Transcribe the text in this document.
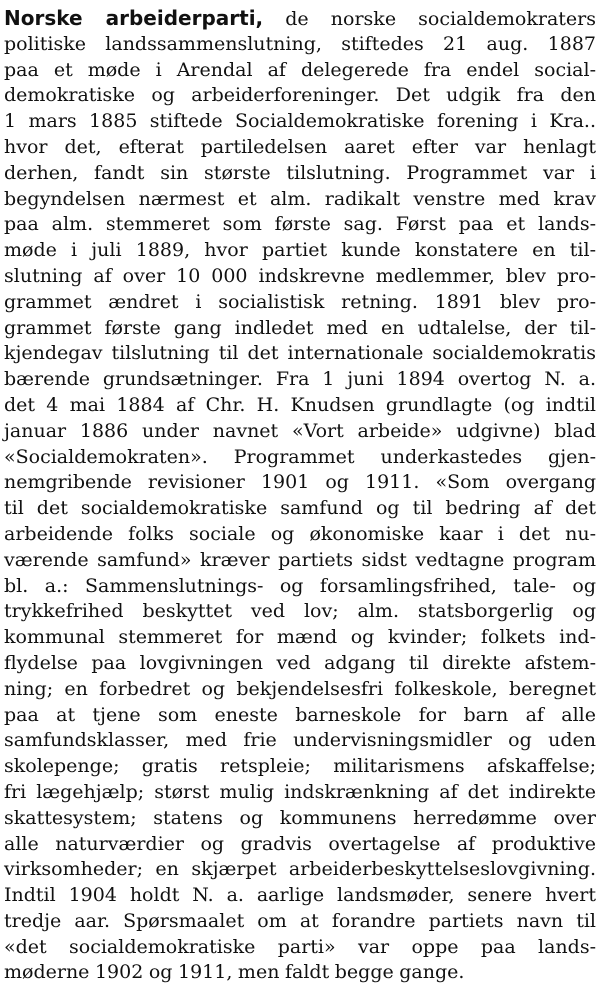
Norske arbeiderparti, de norske socialdemokraters
politiske landssammenslutning, stiftedes 21 aug. 1887
paa et møde i Arendal af delegerede fra endel social-
demokratiske og arbeiderforeninger. Det udgik fra den
1 mars 1885 stiftede Socialdemokratiske forening i Kra..
hvor det, efterat partiledelsen aaret efter var henlagt
derhen, fandt sin største tilslutning. Programmet var i
begyndelsen nærmest et alm. radikalt venstre med krav
paa alm. stemmeret som første sag. Først paa et lands-
møde i juli 1889, hvor partiet kunde konstatere en til-
slutning af over 10 000 indskrevne medlemmer, blev pro-
grammet ændret i socialistisk retning. 1891 blev pro-
grammet første gang indledet med en udtalelse, der til-
kjendegav tilslutning til det internationale socialdemokratis
bærende grundsætninger. Fra 1 juni 1894 overtog N. a.
det 4 mai 1884 af Chr. H. Knudsen grundlagte (og indtil
januar 1886 under navnet «Vort arbeide» udgivne) blad
«Socialdemokraten». Programmet underkastedes gjen-
nemgribende revisioner 1901 og 1911. «Som overgang
til det socialdemokratiske samfund og til bedring af det
arbeidende folks sociale og økonomiske kaar i det nu-
værende samfund» kræver partiets sidst vedtagne program
bl. a.: Sammenslutnings- og forsamlingsfrihed, tale- og
trykkefrihed beskyttet ved lov; alm. statsborgerlig og
kommunal stemmeret for mænd og kvinder; folkets ind-
flydelse paa lovgivningen ved adgang til direkte afstem-
ning; en forbedret og bekjendelsesfri folkeskole, beregnet
paa at tjene som eneste barneskole for barn af alle
samfundsklasser, med frie undervisningsmidler og uden
skolepenge; gratis retspleie; militarismens afskaffelse;
fri lægehjælp; størst mulig indskrænkning af det indirekte
skattesystem; statens og kommunens herredømme over
alle naturværdier og gradvis overtagelse af produktive
virksomheder; en skjærpet arbeiderbeskyttelseslovgivning.
Indtil 1904 holdt N. a. aarlige landsmøder, senere hvert
tredje aar. Spørsmaalet om at forandre partiets navn til
«det socialdemokratiske parti» var oppe paa lands-
møderne 1902 og 1911, men faldt begge gange.
